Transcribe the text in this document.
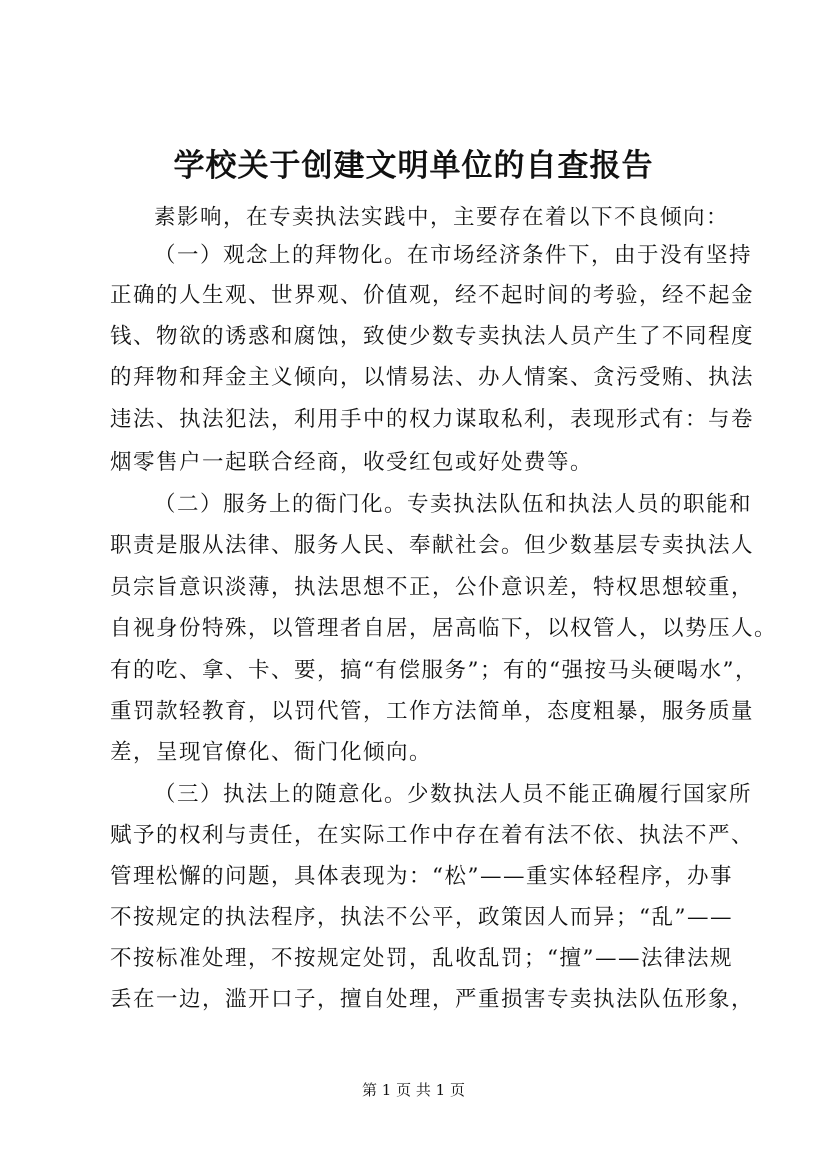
学校关于创建文明单位的自查报告
素影响，在专卖执法实践中，主要存在着以下不良倾向：
（一）观念上的拜物化。在市场经济条件下，由于没有坚持
正确的人生观、世界观、价值观，经不起时间的考验，经不起金
钱、物欲的诱惑和腐蚀，致使少数专卖执法人员产生了不同程度
的拜物和拜金主义倾向，以情易法、办人情案、贪污受贿、执法
违法、执法犯法，利用手中的权力谋取私利，表现形式有：与卷
烟零售户一起联合经商，收受红包或好处费等。
（二）服务上的衙门化。专卖执法队伍和执法人员的职能和
职责是服从法律、服务人民、奉献社会。但少数基层专卖执法人
员宗旨意识淡薄，执法思想不正，公仆意识差，特权思想较重，
自视身份特殊，以管理者自居，居高临下，以权管人，以势压人。
有的吃、拿、卡、要，搞“有偿服务”；有的“强按马头硬喝水”，
重罚款轻教育，以罚代管，工作方法简单，态度粗暴，服务质量
差，呈现官僚化、衙门化倾向。
（三）执法上的随意化。少数执法人员不能正确履行国家所
赋予的权利与责任，在实际工作中存在着有法不依、执法不严、
管理松懈的问题，具体表现为：“松”——重实体轻程序，办事
不按规定的执法程序，执法不公平，政策因人而异；“乱”——
不按标准处理，不按规定处罚，乱收乱罚；“擅”——法律法规
丢在一边，滥开口子，擅自处理，严重损害专卖执法队伍形象，
第 1 页 共 1 页
